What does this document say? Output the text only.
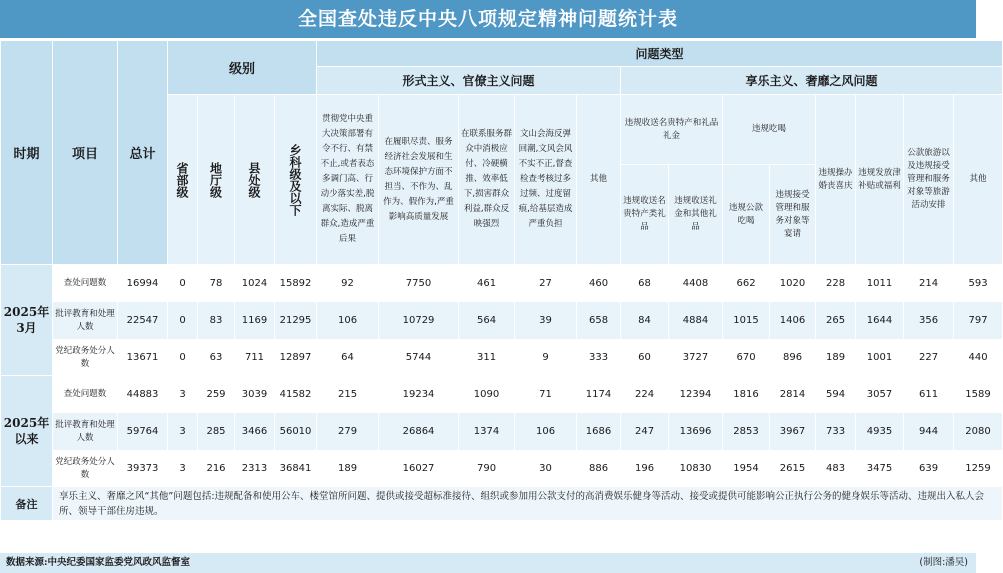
全国查处违反中央八项规定精神问题统计表
时期	项目	总计	级别				问题类型												
							形式主义、官僚主义问题					享乐主义、奢靡之风问题							

			省部级	地厅级	县处级	乡科级及以下	贯彻党中央重大决策部署有令不行、有禁不止,或者表态多调门高、行动少落实差,脱离实际、脱离群众,造成严重后果	在履职尽责、服务经济社会发展和生态环境保护方面不担当、不作为、乱作为、假作为,严重影响高质量发展	在联系服务群众中消极应付、冷硬横推、效率低下,损害群众利益,群众反映强烈	文山会海反弹回潮,文风会风不实不正,督查检查考核过多过频、过度留痕,给基层造成严重负担	其他	违规收送名贵特产和礼品礼金		违规吃喝		违规操办婚丧喜庆	违规发放津补贴或福利	公款旅游以及违规接受管理和服务对象等旅游活动安排	其他
												违规收送名贵特产类礼品	违规收送礼金和其他礼品	违规公款吃喝	违规接受管理和服务对象等宴请				
2025年3月	查处问题数	16994	0	78	1024	15892	92	7750	461	27	460	68	4408	662	1020	228	1011	214	593
	批评教育和处理人数	22547	0	83	1169	21295	106	10729	564	39	658	84	4884	1015	1406	265	1644	356	797
	党纪政务处分人数	13671	0	63	711	12897	64	5744	311	9	333	60	3727	670	896	189	1001	227	440
2025年以来	查处问题数	44883	3	259	3039	41582	215	19234	1090	71	1174	224	12394	1816	2814	594	3057	611	1589
	批评教育和处理人数	59764	3	285	3466	56010	279	26864	1374	106	1686	247	13696	2853	3967	733	4935	944	2080
	党纪政务处分人数	39373	3	216	2313	36841	189	16027	790	30	886	196	10830	1954	2615	483	3475	639	1259
备注	享乐主义、奢靡之风“其他”问题包括:违规配备和使用公车、楼堂馆所问题、提供或接受超标准接待、组织或参加用公款支付的高消费娱乐健身等活动、接受或提供可能影响公正执行公务的健身娱乐等活动、违规出入私人会所、领导干部住房违规。																		
数据来源:中央纪委国家监委党风政风监督室	(制图:潘昊)
